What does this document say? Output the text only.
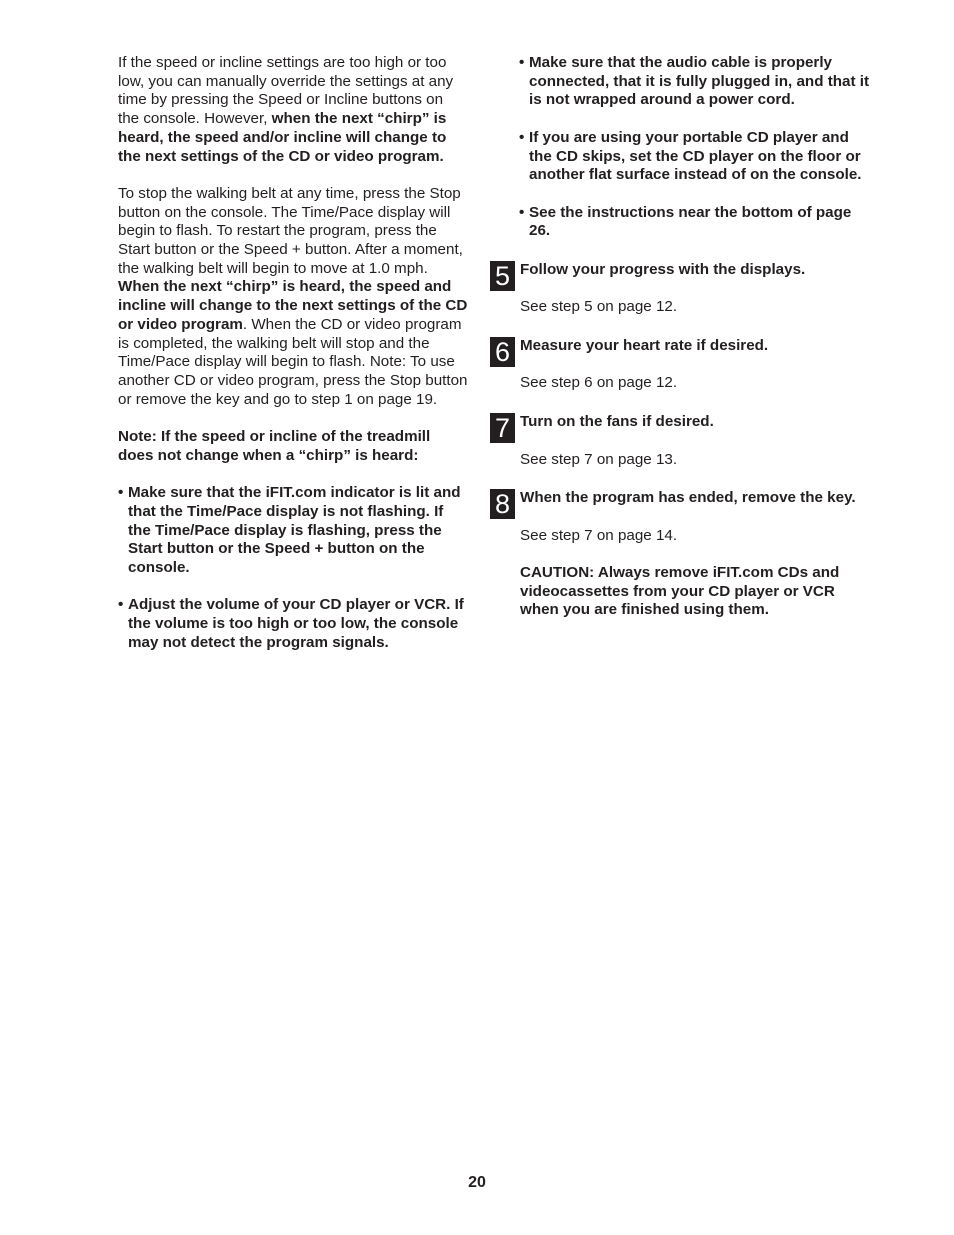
If the speed or incline settings are too high or too low, you can manually override the settings at any time by pressing the Speed or Incline buttons on the console. However, when the next “chirp” is heard, the speed and/or incline will change to the next settings of the CD or video program.

To stop the walking belt at any time, press the Stop button on the console. The Time/Pace display will begin to flash. To restart the program, press the Start button or the Speed + button. After a moment, the walking belt will begin to move at 1.0 mph. When the next “chirp” is heard, the speed and incline will change to the next settings of the CD or video program. When the CD or video program is completed, the walking belt will stop and the Time/Pace display will begin to flash. Note: To use another CD or video program, press the Stop button or remove the key and go to step 1 on page 19.

Note: If the speed or incline of the treadmill does not change when a “chirp” is heard:

• Make sure that the iFIT.com indicator is lit and that the Time/Pace display is not flashing. If the Time/Pace display is flashing, press the Start button or the Speed + button on the console.
• Adjust the volume of your CD player or VCR. If the volume is too high or too low, the console may not detect the program signals.
• Make sure that the audio cable is properly connected, that it is fully plugged in, and that it is not wrapped around a power cord.
• If you are using your portable CD player and the CD skips, set the CD player on the floor or another flat surface instead of on the console.
• See the instructions near the bottom of page 26.
5 Follow your progress with the displays.

See step 5 on page 12.

6 Measure your heart rate if desired.

See step 6 on page 12.

7 Turn on the fans if desired.

See step 7 on page 13.

8 When the program has ended, remove the key.

See step 7 on page 14.

CAUTION: Always remove iFIT.com CDs and videocassettes from your CD player or VCR when you are finished using them.

20
